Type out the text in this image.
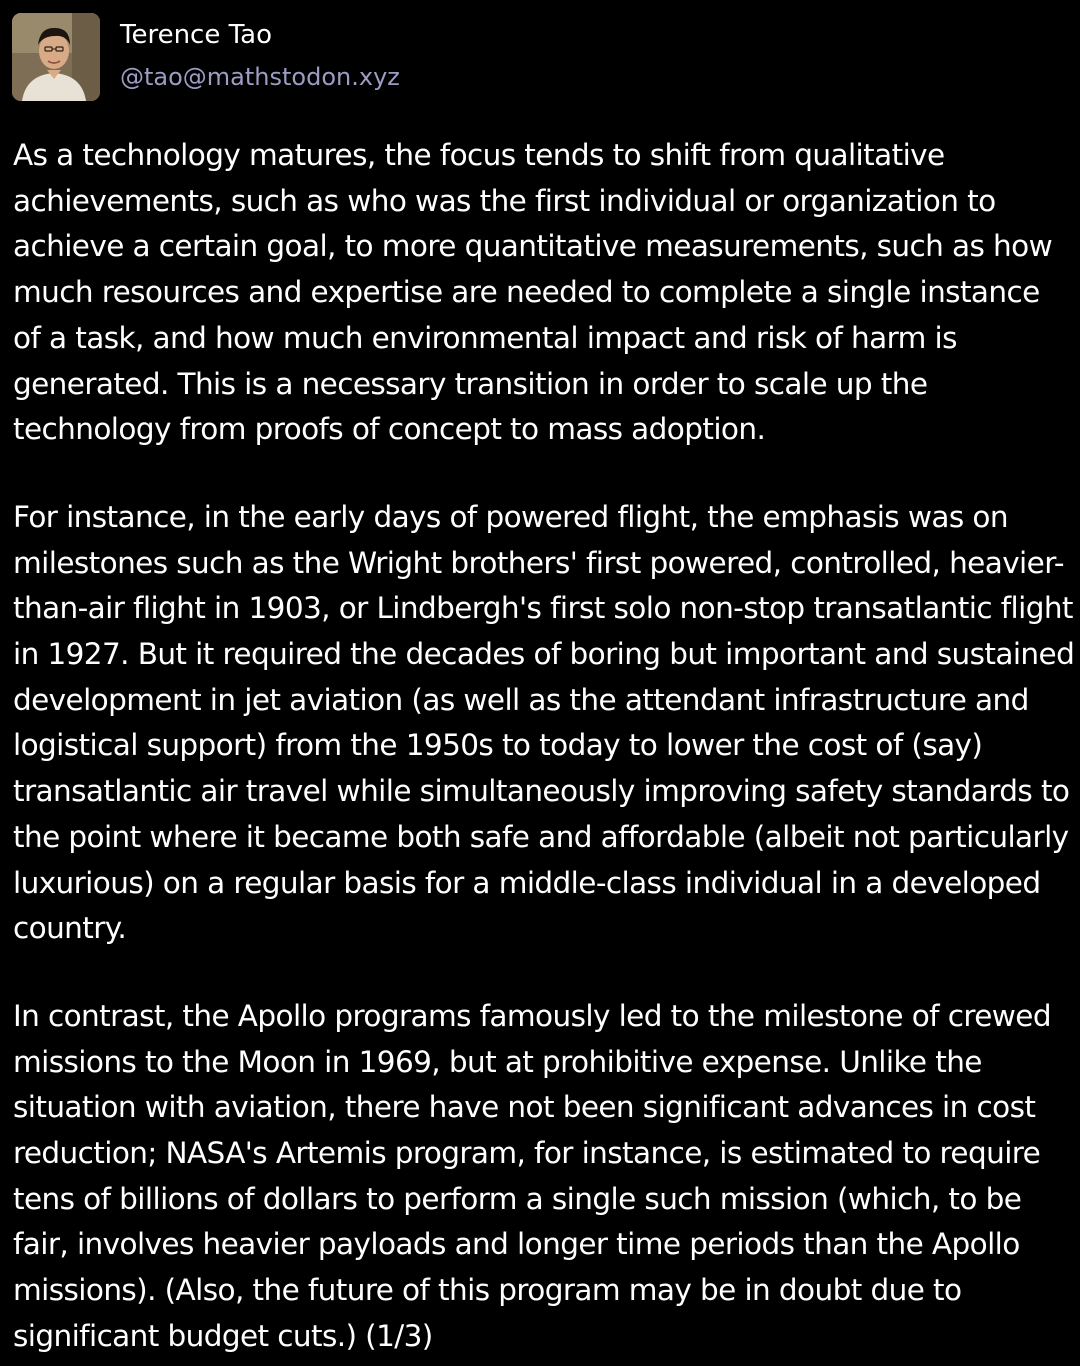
Terence Tao
@tao@mathstodon.xyz

As a technology matures, the focus tends to shift from qualitative achievements, such as who was the first individual or organization to achieve a certain goal, to more quantitative measurements, such as how much resources and expertise are needed to complete a single instance of a task, and how much environmental impact and risk of harm is generated. This is a necessary transition in order to scale up the technology from proofs of concept to mass adoption.

For instance, in the early days of powered flight, the emphasis was on milestones such as the Wright brothers' first powered, controlled, heavier-than-air flight in 1903, or Lindbergh's first solo non-stop transatlantic flight in 1927. But it required the decades of boring but important and sustained development in jet aviation (as well as the attendant infrastructure and logistical support) from the 1950s to today to lower the cost of (say) transatlantic air travel while simultaneously improving safety standards to the point where it became both safe and affordable (albeit not particularly luxurious) on a regular basis for a middle-class individual in a developed country.

In contrast, the Apollo programs famously led to the milestone of crewed missions to the Moon in 1969, but at prohibitive expense. Unlike the situation with aviation, there have not been significant advances in cost reduction; NASA's Artemis program, for instance, is estimated to require tens of billions of dollars to perform a single such mission (which, to be fair, involves heavier payloads and longer time periods than the Apollo missions). (Also, the future of this program may be in doubt due to significant budget cuts.) (1/3)
